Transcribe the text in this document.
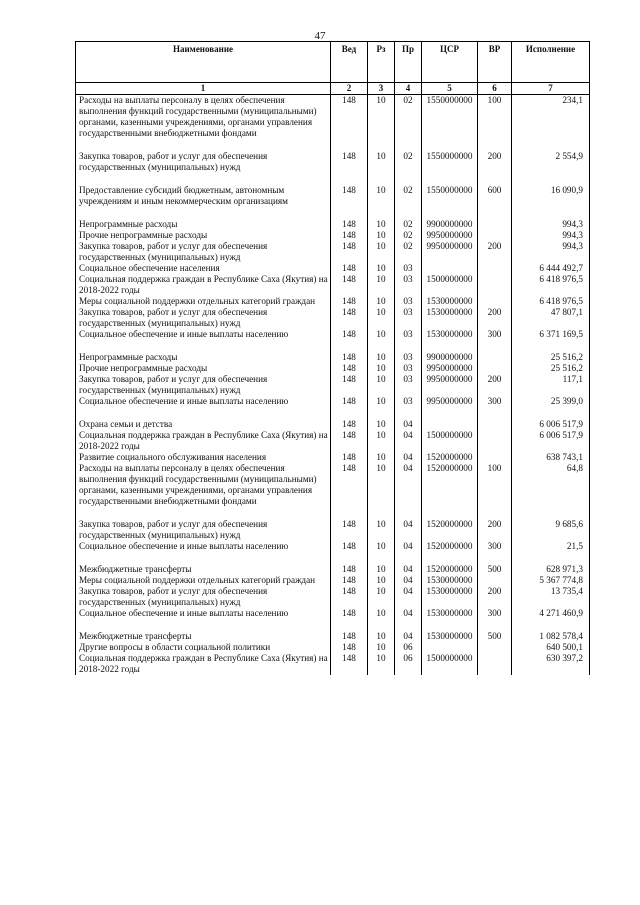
47
Наименование	Вед	Рз	Пр	ЦСР	ВР	Исполнение
1	2	3	4	5	6	7
Расходы на выплаты персоналу в целях обеспечения выполнения функций государственными (муниципальными) органами, казенными учреждениями, органами управления государственными внебюджетными фондами	148	10	02	1550000000	100	234,1

Закупка товаров, работ и услуг для обеспечения государственных (муниципальных) нужд	148	10	02	1550000000	200	2 554,9

Предоставление субсидий бюджетным, автономным учреждениям и иным некоммерческим организациям	148	10	02	1550000000	600	16 090,9

Непрограммные расходы	148	10	02	9900000000		994,3
Прочие непрограммные расходы	148	10	02	9950000000		994,3
Закупка товаров, работ и услуг для обеспечения государственных (муниципальных) нужд	148	10	02	9950000000	200	994,3
Социальное обеспечение населения	148	10	03			6 444 492,7
Социальная поддержка граждан в Республике Саха (Якутия) на 2018-2022 годы	148	10	03	1500000000		6 418 976,5
Меры социальной поддержки отдельных категорий граждан	148	10	03	1530000000		6 418 976,5
Закупка товаров, работ и услуг для обеспечения государственных (муниципальных) нужд	148	10	03	1530000000	200	47 807,1
Социальное обеспечение и иные выплаты населению	148	10	03	1530000000	300	6 371 169,5

Непрограммные расходы	148	10	03	9900000000		25 516,2
Прочие непрограммные расходы	148	10	03	9950000000		25 516,2
Закупка товаров, работ и услуг для обеспечения государственных (муниципальных) нужд	148	10	03	9950000000	200	117,1
Социальное обеспечение и иные выплаты населению	148	10	03	9950000000	300	25 399,0

Охрана семьи и детства	148	10	04			6 006 517,9
Социальная поддержка граждан в Республике Саха (Якутия) на 2018-2022 годы	148	10	04	1500000000		6 006 517,9
Развитие социального обслуживания населения	148	10	04	1520000000		638 743,1
Расходы на выплаты персоналу в целях обеспечения выполнения функций государственными (муниципальными) органами, казенными учреждениями, органами управления государственными внебюджетными фондами	148	10	04	1520000000	100	64,8

Закупка товаров, работ и услуг для обеспечения государственных (муниципальных) нужд	148	10	04	1520000000	200	9 685,6
Социальное обеспечение и иные выплаты населению	148	10	04	1520000000	300	21,5

Межбюджетные трансферты	148	10	04	1520000000	500	628 971,3
Меры социальной поддержки отдельных категорий граждан	148	10	04	1530000000		5 367 774,8
Закупка товаров, работ и услуг для обеспечения государственных (муниципальных) нужд	148	10	04	1530000000	200	13 735,4
Социальное обеспечение и иные выплаты населению	148	10	04	1530000000	300	4 271 460,9

Межбюджетные трансферты	148	10	04	1530000000	500	1 082 578,4
Другие вопросы в области социальной политики	148	10	06			640 500,1
Социальная поддержка граждан в Республике Саха (Якутия) на 2018-2022 годы	148	10	06	1500000000		630 397,2
